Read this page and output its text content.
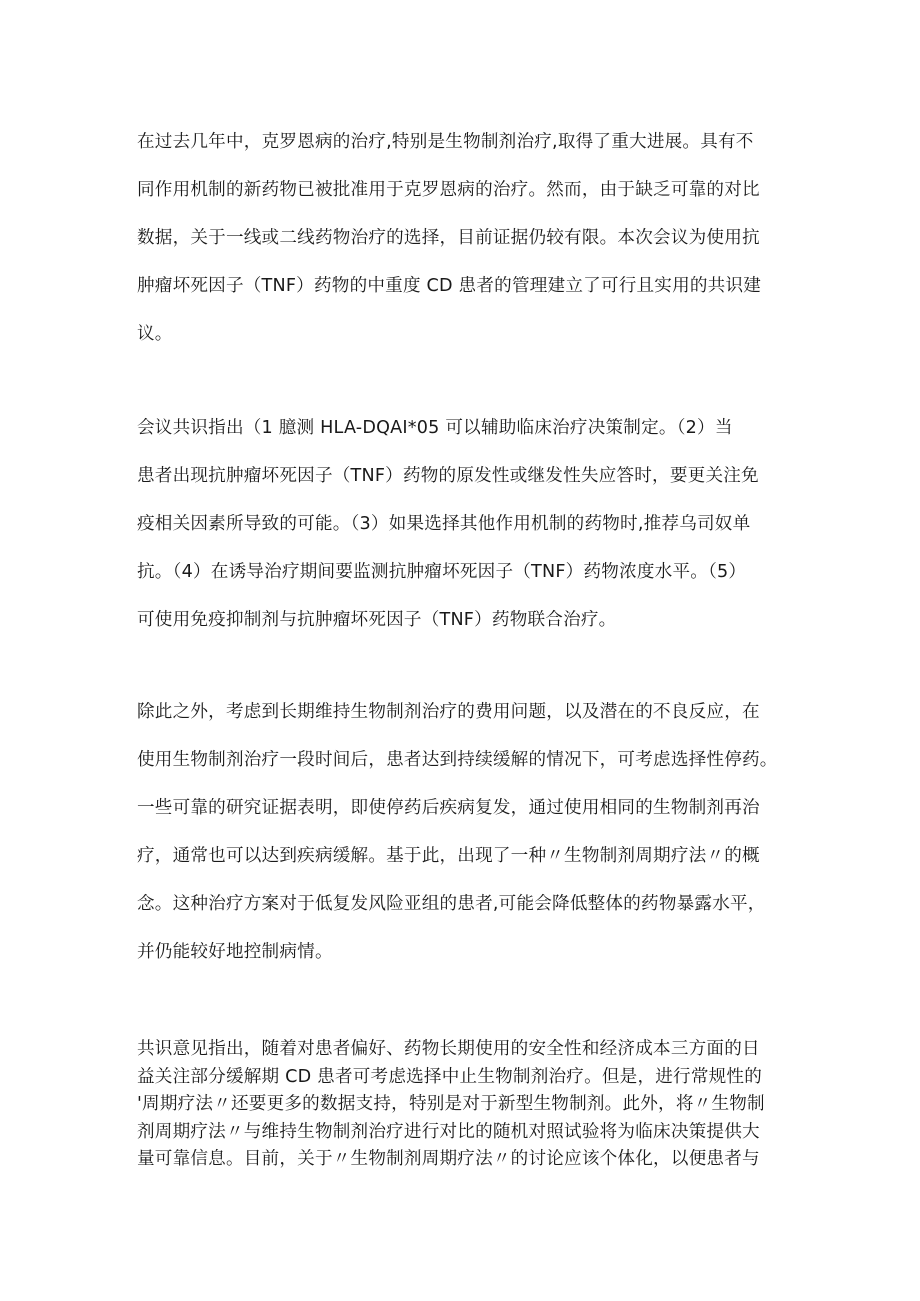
在过去几年中，克罗恩病的治疗,特别是生物制剂治疗,取得了重大进展。具有不
同作用机制的新药物已被批准用于克罗恩病的治疗。然而，由于缺乏可靠的对比
数据，关于一线或二线药物治疗的选择，目前证据仍较有限。本次会议为使用抗
肿瘤坏死因子（TNF）药物的中重度 CD 患者的管理建立了可行且实用的共识建
议。

会议共识指出（1 臆测 HLA-DQAI*05 可以辅助临床治疗决策制定。（2）当
患者出现抗肿瘤坏死因子（TNF）药物的原发性或继发性失应答时，要更关注免
疫相关因素所导致的可能。（3）如果选择其他作用机制的药物时,推荐乌司奴单
抗。（4）在诱导治疗期间要监测抗肿瘤坏死因子（TNF）药物浓度水平。（5）
可使用免疫抑制剂与抗肿瘤坏死因子（TNF）药物联合治疗。

除此之外，考虑到长期维持生物制剂治疗的费用问题，以及潜在的不良反应，在
使用生物制剂治疗一段时间后，患者达到持续缓解的情况下，可考虑选择性停药。
一些可靠的研究证据表明，即使停药后疾病复发，通过使用相同的生物制剂再治
疗，通常也可以达到疾病缓解。基于此，出现了一种〃生物制剂周期疗法〃的概
念。这种治疗方案对于低复发风险亚组的患者,可能会降低整体的药物暴露水平，
并仍能较好地控制病情。

共识意见指出，随着对患者偏好、药物长期使用的安全性和经济成本三方面的日
益关注部分缓解期 CD 患者可考虑选择中止生物制剂治疗。但是，进行常规性的
'周期疗法〃还要更多的数据支持，特别是对于新型生物制剂。此外，将〃生物制
剂周期疗法〃与维持生物制剂治疗进行对比的随机对照试验将为临床决策提供大
量可靠信息。目前，关于〃生物制剂周期疗法〃的讨论应该个体化，以便患者与
